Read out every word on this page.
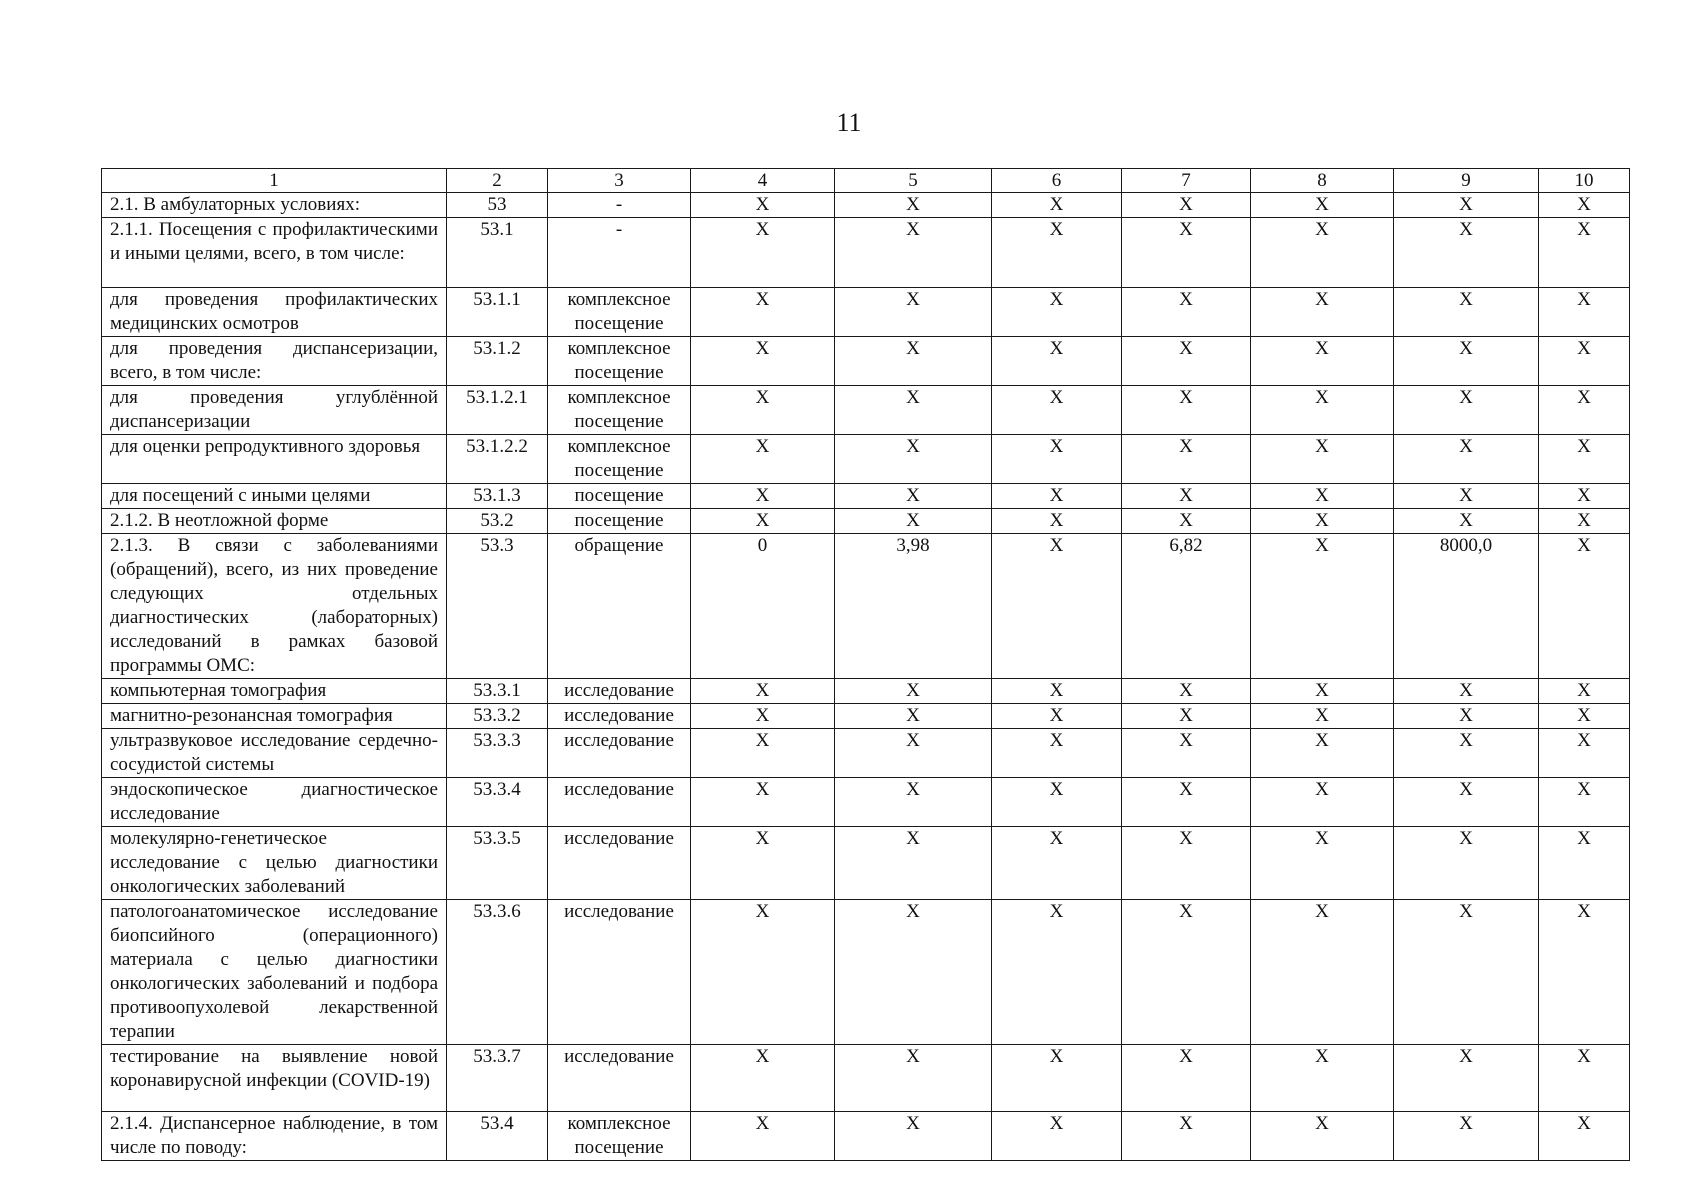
11
1	2	3	4	5	6	7	8	9	10
2.1. В амбулаторных условиях:	53	-	X	X	X	X	X	X	X
2.1.1. Посещения с профилактическими и иными целями, всего, в том числе:	53.1	-	X	X	X	X	X	X	X
для проведения профилактических медицинских осмотров	53.1.1	комплексное посещение	X	X	X	X	X	X	X
для проведения диспансеризации, всего, в том числе:	53.1.2	комплексное посещение	X	X	X	X	X	X	X
для проведения углублённой диспансеризации	53.1.2.1	комплексное посещение	X	X	X	X	X	X	X
для оценки репродуктивного здоровья	53.1.2.2	комплексное посещение	X	X	X	X	X	X	X
для посещений с иными целями	53.1.3	посещение	X	X	X	X	X	X	X
2.1.2. В неотложной форме	53.2	посещение	X	X	X	X	X	X	X
2.1.3. В связи с заболеваниями (обращений), всего, из них проведение следующих отдельных диагностических (лабораторных) исследований в рамках базовой программы ОМС:	53.3	обращение	0	3,98	X	6,82	X	8000,0	X
компьютерная томография	53.3.1	исследование	X	X	X	X	X	X	X
магнитно-резонансная томография	53.3.2	исследование	X	X	X	X	X	X	X
ультразвуковое исследование сердечно-сосудистой системы	53.3.3	исследование	X	X	X	X	X	X	X
эндоскопическое диагностическое исследование	53.3.4	исследование	X	X	X	X	X	X	X
молекулярно-генетическое исследование с целью диагностики онкологических заболеваний	53.3.5	исследование	X	X	X	X	X	X	X
патологоанатомическое исследование биопсийного (операционного) материала с целью диагностики онкологических заболеваний и подбора противоопухолевой лекарственной терапии	53.3.6	исследование	X	X	X	X	X	X	X
тестирование на выявление новой коронавирусной инфекции (COVID-19)	53.3.7	исследование	X	X	X	X	X	X	X
2.1.4. Диспансерное наблюдение, в том числе по поводу:	53.4	комплексное посещение	X	X	X	X	X	X	X
